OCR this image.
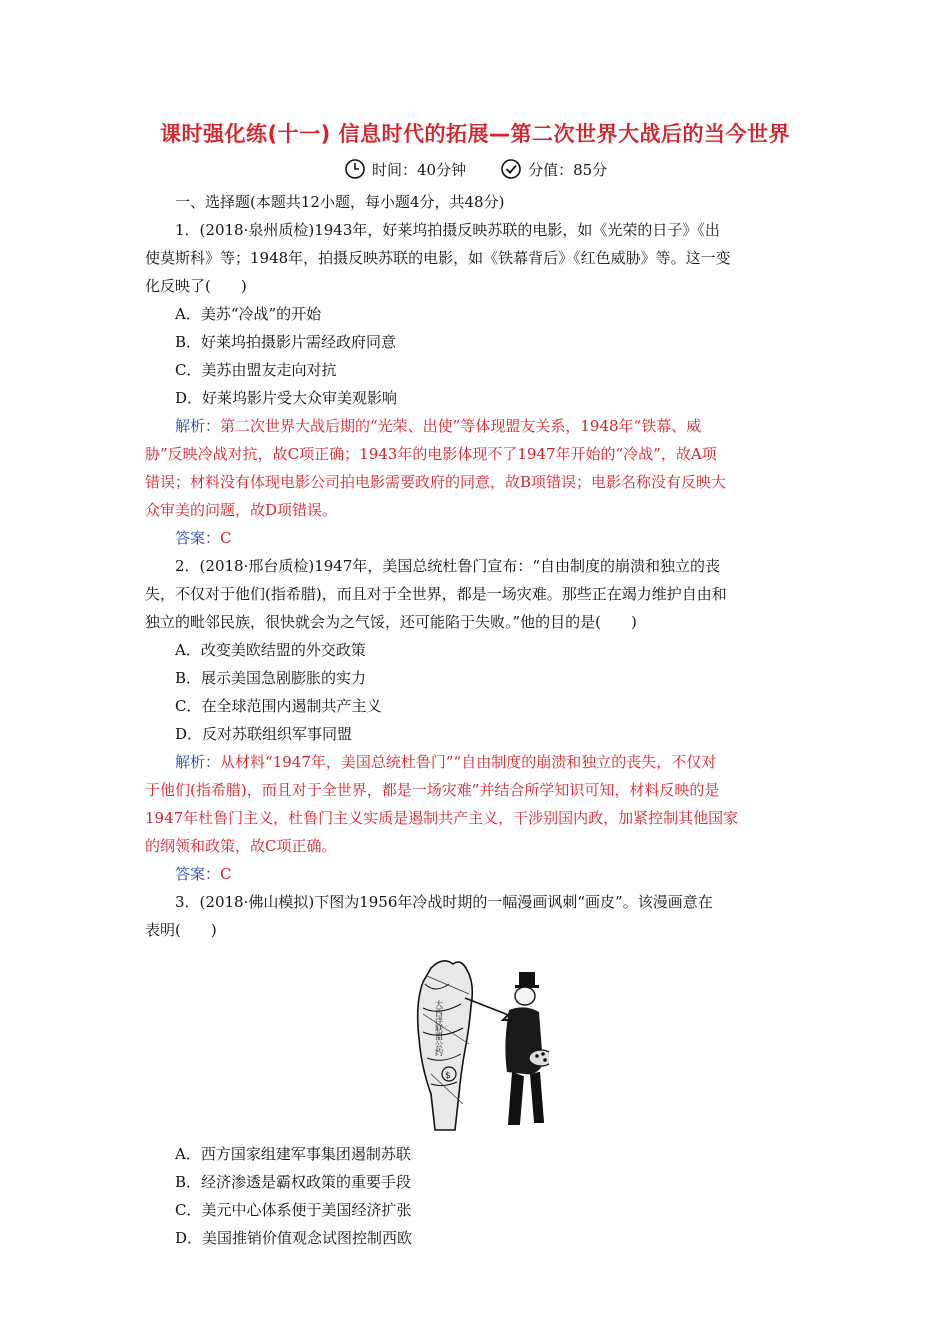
课时强化练(十一) 信息时代的拓展—第二次世界大战后的当今世界
时间：40分钟	分值：85分

一、选择题(本题共12小题，每小题4分，共48分)

1．(2018·泉州质检)1943年，好莱坞拍摄反映苏联的电影，如《光荣的日子》《出

使莫斯科》等；1948年，拍摄反映苏联的电影，如《铁幕背后》《红色威胁》等。这一变

化反映了(　　)

A．美苏“冷战”的开始

B．好莱坞拍摄影片需经政府同意

C．美苏由盟友走向对抗

D．好莱坞影片受大众审美观影响

解析：第二次世界大战后期的“光荣、出使”等体现盟友关系，1948年“铁幕、威

胁”反映冷战对抗，故C项正确；1943年的电影体现不了1947年开始的“冷战”，故A项

错误；材料没有体现电影公司拍电影需要政府的同意，故B项错误；电影名称没有反映大

众审美的问题，故D项错误。

答案：C

2．(2018·邢台质检)1947年，美国总统杜鲁门宣布：“自由制度的崩溃和独立的丧

失，不仅对于他们(指希腊)，而且对于全世界，都是一场灾难。那些正在竭力维护自由和

独立的毗邻民族，很快就会为之气馁，还可能陷于失败。”他的目的是(　　)

A．改变美欧结盟的外交政策

B．展示美国急剧膨胀的实力

C．在全球范围内遏制共产主义

D．反对苏联组织军事同盟

解析：从材料“1947年，美国总统杜鲁门”“自由制度的崩溃和独立的丧失，不仅对

于他们(指希腊)，而且对于全世界，都是一场灾难”并结合所学知识可知，材料反映的是

1947年杜鲁门主义，杜鲁门主义实质是遏制共产主义，干涉别国内政，加紧控制其他国家

的纲领和政策，故C项正确。

答案：C

3．(2018·佛山模拟)下图为1956年冷战时期的一幅漫画讽刺“画皮”。该漫画意在

表明(　　)

$
大西洋联盟公约

A．西方国家组建军事集团遏制苏联

B．经济渗透是霸权政策的重要手段

C．美元中心体系便于美国经济扩张

D．美国推销价值观念试图控制西欧
